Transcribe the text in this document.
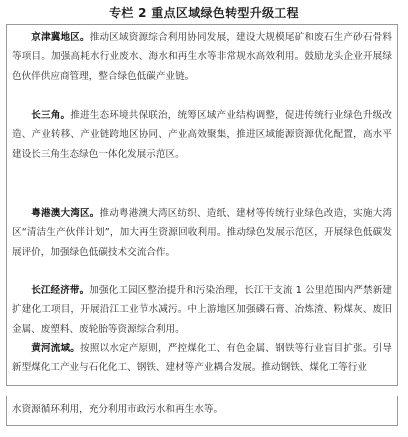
专栏 2 重点区域绿色转型升级工程

京津冀地区。推动区域资源综合利用协同发展，建设大规模尾矿和废石生产砂石骨料等项目。加强高耗水行业废水、海水和再生水等非常规水高效利用。鼓励龙头企业开展绿色伙伴供应商管理，整合绿色低碳产业链。

长三角。推进生态环境共保联治，统筹区域产业结构调整，促进传统行业绿色升级改造、产业转移、产业链跨地区协同、产业高效聚集，推进区域能源资源优化配置，高水平建设长三角生态绿色一体化发展示范区。

粤港澳大湾区。推动粤港澳大湾区纺织、造纸、建材等传统行业绿色改造，实施大湾区“清洁生产伙伴计划”，加大再生资源回收利用。推动绿色发展示范区，开展绿色低碳发展评价，加强绿色低碳技术交流合作。

长江经济带。加强化工园区整治提升和污染治理，长江干支流 1 公里范围内严禁新建扩建化工项目，开展沿江工业节水减污。中上游地区加强磷石膏、冶炼渣、粉煤灰、废旧金属、废塑料、废轮胎等资源综合利用。

黄河流域。按照以水定产原则，严控煤化工、有色金属、钢铁等行业盲目扩张。引导新型煤化工产业与石化化工、钢铁、建材等产业耦合发展。推动钢铁、煤化工等行业

水资源循环利用，充分利用市政污水和再生水等。
